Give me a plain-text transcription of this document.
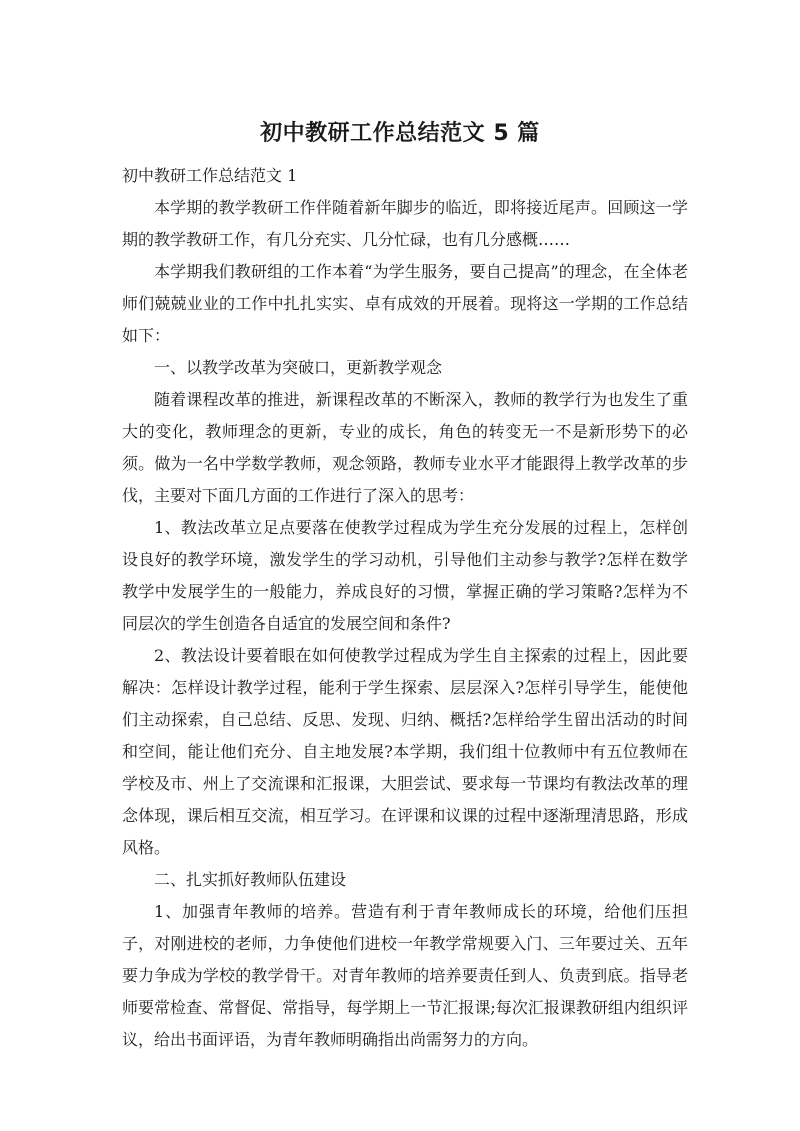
初中教研工作总结范文 5 篇

初中教研工作总结范文 1

本学期的教学教研工作伴随着新年脚步的临近，即将接近尾声。回顾这一学期的教学教研工作，有几分充实、几分忙碌，也有几分感概……

本学期我们教研组的工作本着“为学生服务，要自己提高”的理念，在全体老师们兢兢业业的工作中扎扎实实、卓有成效的开展着。现将这一学期的工作总结如下：

一、以教学改革为突破口，更新教学观念

随着课程改革的推进，新课程改革的不断深入，教师的教学行为也发生了重大的变化，教师理念的更新，专业的成长，角色的转变无一不是新形势下的必须。做为一名中学数学教师，观念领路，教师专业水平才能跟得上教学改革的步伐，主要对下面几方面的工作进行了深入的思考：

1、教法改革立足点要落在使教学过程成为学生充分发展的过程上，怎样创设良好的教学环境，激发学生的学习动机，引导他们主动参与教学?怎样在数学教学中发展学生的一般能力，养成良好的习惯，掌握正确的学习策略?怎样为不同层次的学生创造各自适宜的发展空间和条件?

2、教法设计要着眼在如何使教学过程成为学生自主探索的过程上，因此要解决：怎样设计教学过程，能利于学生探索、层层深入?怎样引导学生，能使他们主动探索，自己总结、反思、发现、归纳、概括?怎样给学生留出活动的时间和空间，能让他们充分、自主地发展?本学期，我们组十位教师中有五位教师在学校及市、州上了交流课和汇报课，大胆尝试、要求每一节课均有教法改革的理念体现，课后相互交流，相互学习。在评课和议课的过程中逐渐理清思路，形成风格。

二、扎实抓好教师队伍建设

1、加强青年教师的培养。营造有利于青年教师成长的环境，给他们压担子，对刚进校的老师，力争使他们进校一年教学常规要入门、三年要过关、五年要力争成为学校的教学骨干。对青年教师的培养要责任到人、负责到底。指导老师要常检查、常督促、常指导，每学期上一节汇报课;每次汇报课教研组内组织评议，给出书面评语，为青年教师明确指出尚需努力的方向。
